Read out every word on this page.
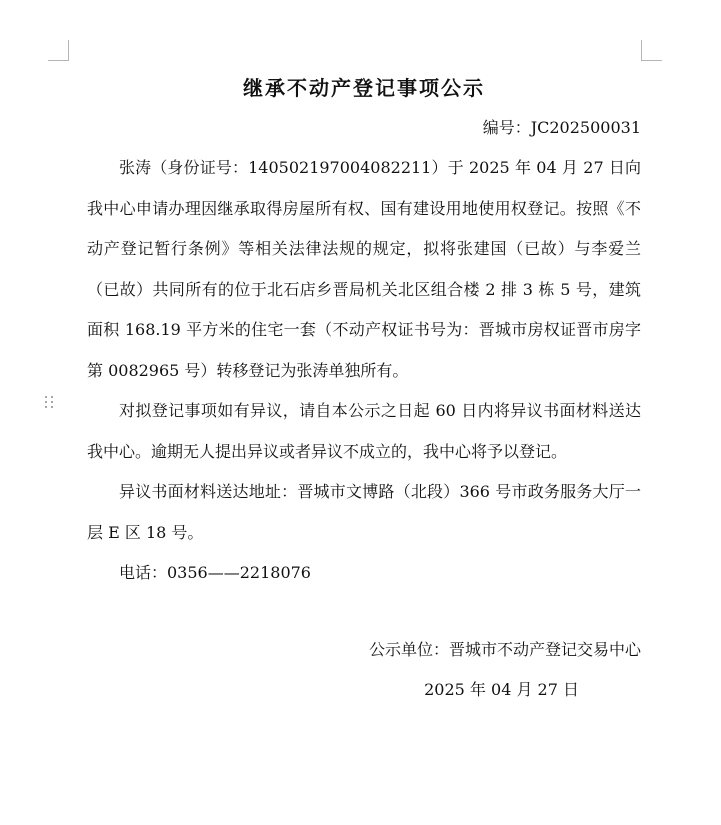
继承不动产登记事项公示

编号：JC202500031

张涛（身份证号：140502197004082211）于 2025 年 04 月 27 日向我中心申请办理因继承取得房屋所有权、国有建设用地使用权登记。按照《不动产登记暂行条例》等相关法律法规的规定，拟将张建国（已故）与李爱兰（已故）共同所有的位于北石店乡晋局机关北区组合楼 2 排 3 栋 5 号，建筑面积 168.19 平方米的住宅一套（不动产权证书号为：晋城市房权证晋市房字第 0082965 号）转移登记为张涛单独所有。

对拟登记事项如有异议，请自本公示之日起 60 日内将异议书面材料送达我中心。逾期无人提出异议或者异议不成立的，我中心将予以登记。

异议书面材料送达地址：晋城市文博路（北段）366 号市政务服务大厅一层 E 区 18 号。

电话：0356——2218076

公示单位：晋城市不动产登记交易中心

2025 年 04 月 27 日
